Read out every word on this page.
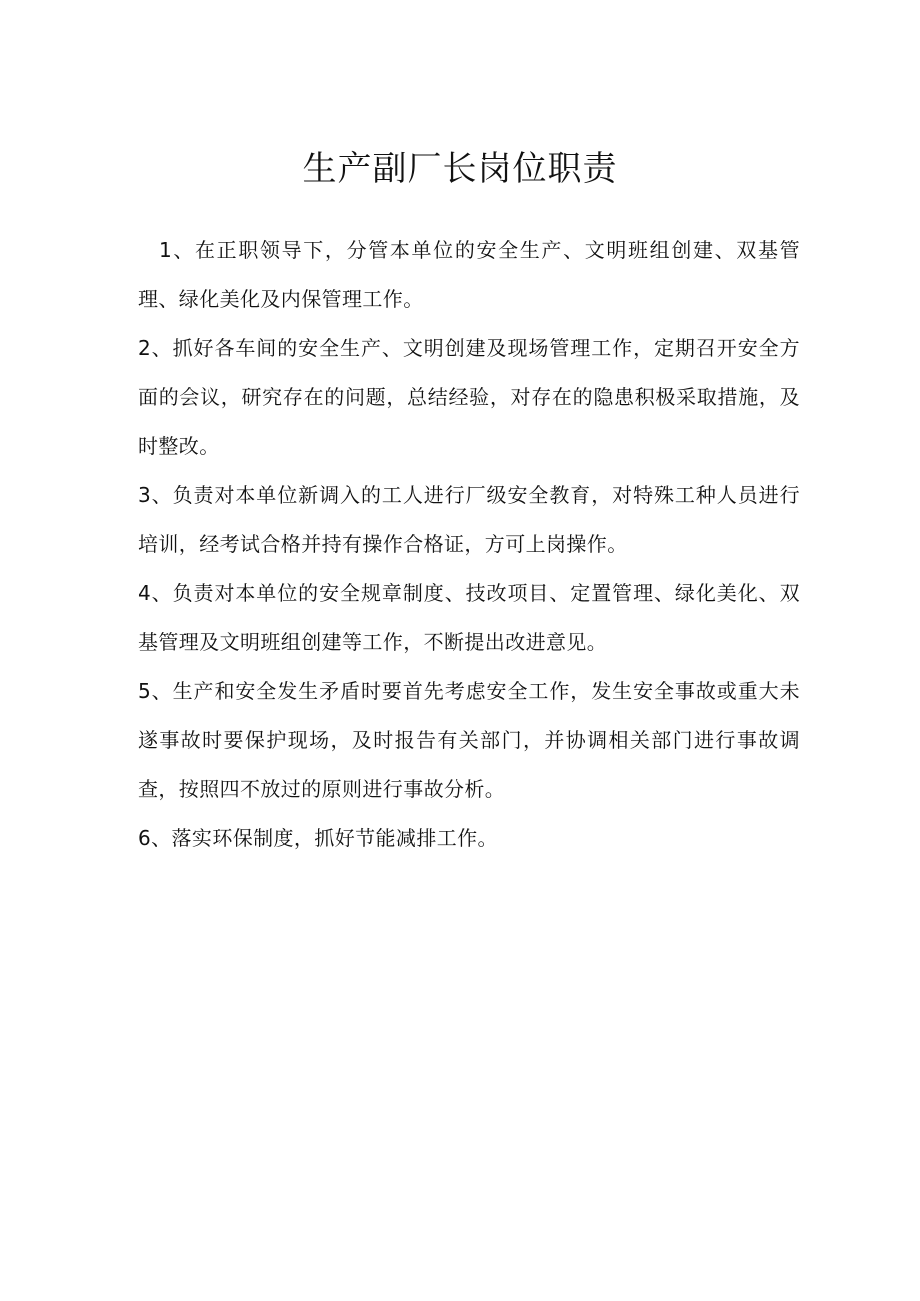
生产副厂长岗位职责

1、在正职领导下，分管本单位的安全生产、文明班组创建、双基管理、绿化美化及内保管理工作。

2、抓好各车间的安全生产、文明创建及现场管理工作，定期召开安全方面的会议，研究存在的问题，总结经验，对存在的隐患积极采取措施，及时整改。

3、负责对本单位新调入的工人进行厂级安全教育，对特殊工种人员进行培训，经考试合格并持有操作合格证，方可上岗操作。

4、负责对本单位的安全规章制度、技改项目、定置管理、绿化美化、双基管理及文明班组创建等工作，不断提出改进意见。

5、生产和安全发生矛盾时要首先考虑安全工作，发生安全事故或重大未遂事故时要保护现场，及时报告有关部门，并协调相关部门进行事故调查，按照四不放过的原则进行事故分析。

6、落实环保制度，抓好节能减排工作。
